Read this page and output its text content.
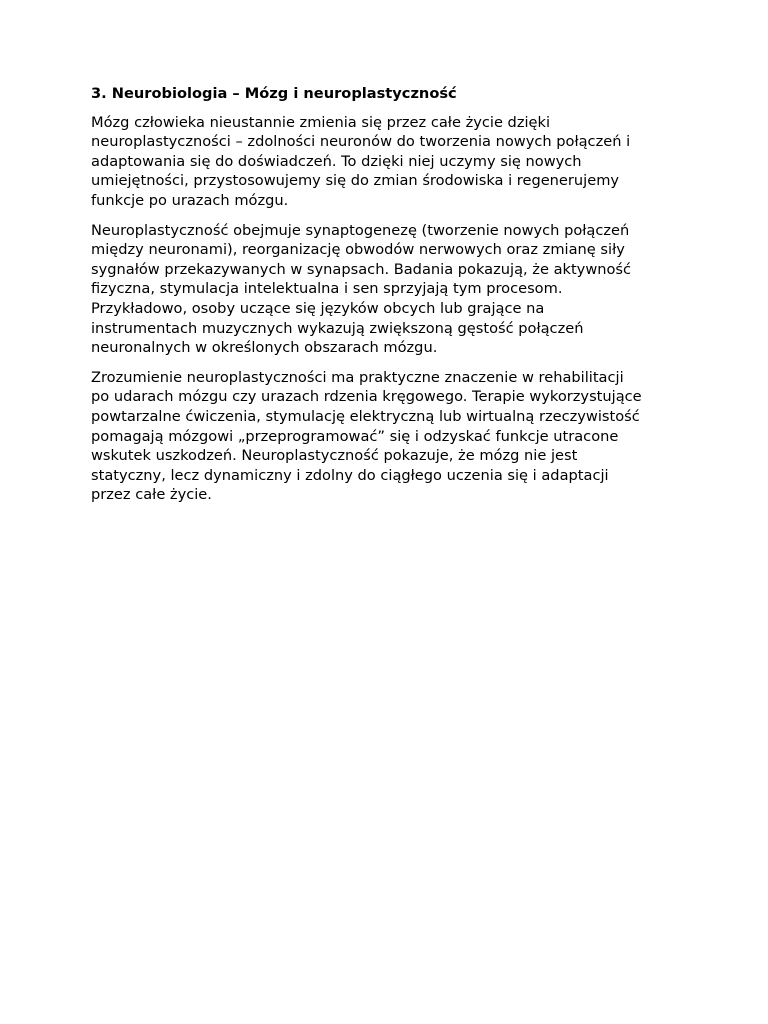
3. Neurobiologia – Mózg i neuroplastyczność

Mózg człowieka nieustannie zmienia się przez całe życie dzięki
neuroplastyczności – zdolności neuronów do tworzenia nowych połączeń i
adaptowania się do doświadczeń. To dzięki niej uczymy się nowych
umiejętności, przystosowujemy się do zmian środowiska i regenerujemy
funkcje po urazach mózgu.

Neuroplastyczność obejmuje synaptogenezę (tworzenie nowych połączeń
między neuronami), reorganizację obwodów nerwowych oraz zmianę siły
sygnałów przekazywanych w synapsach. Badania pokazują, że aktywność
fizyczna, stymulacja intelektualna i sen sprzyjają tym procesom.
Przykładowo, osoby uczące się języków obcych lub grające na
instrumentach muzycznych wykazują zwiększoną gęstość połączeń
neuronalnych w określonych obszarach mózgu.

Zrozumienie neuroplastyczności ma praktyczne znaczenie w rehabilitacji
po udarach mózgu czy urazach rdzenia kręgowego. Terapie wykorzystujące
powtarzalne ćwiczenia, stymulację elektryczną lub wirtualną rzeczywistość
pomagają mózgowi „przeprogramować” się i odzyskać funkcje utracone
wskutek uszkodzeń. Neuroplastyczność pokazuje, że mózg nie jest
statyczny, lecz dynamiczny i zdolny do ciągłego uczenia się i adaptacji
przez całe życie.
